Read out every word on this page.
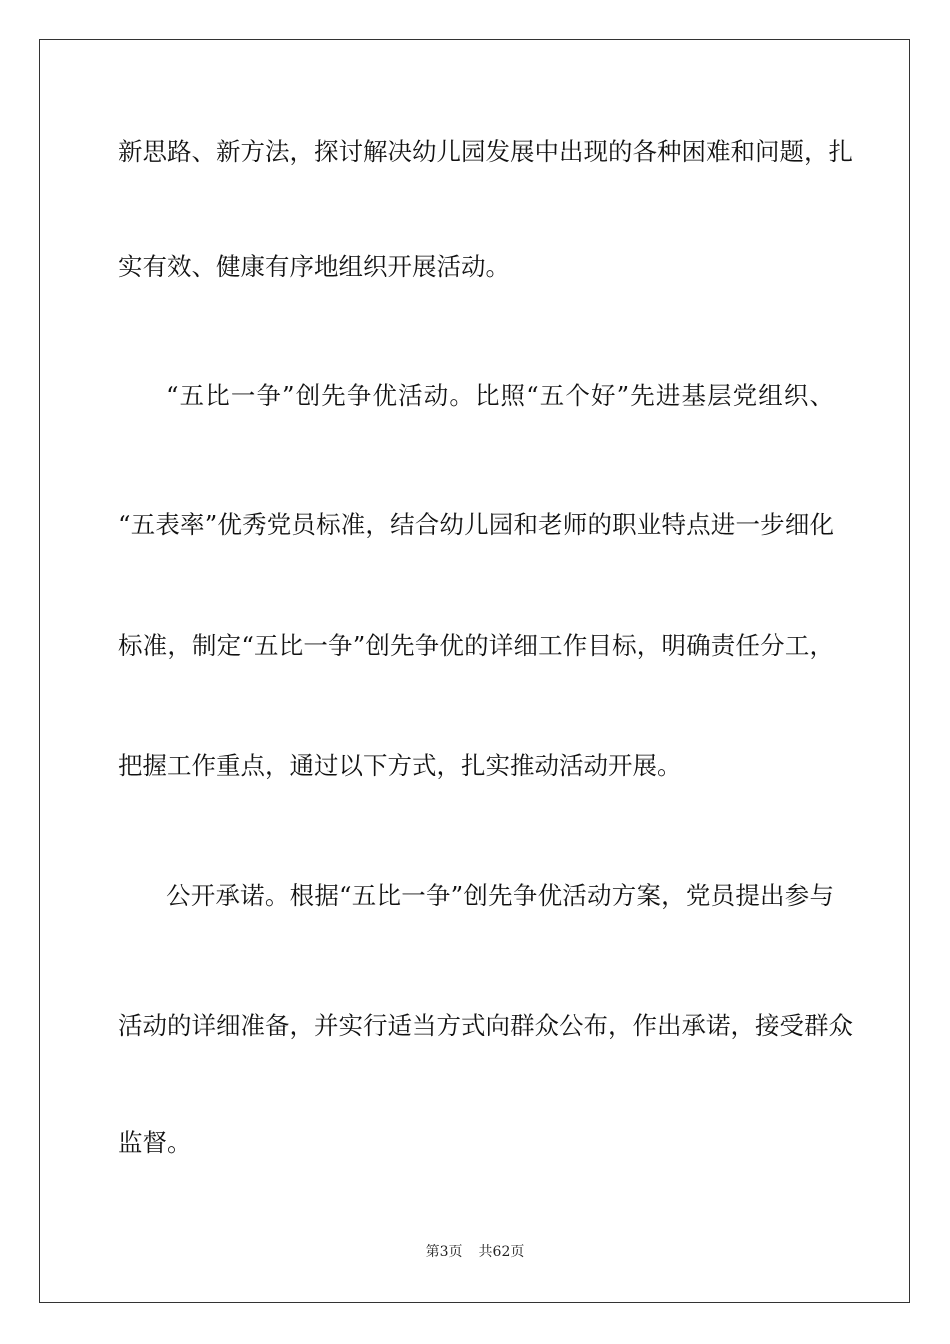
新思路、新方法，探讨解决幼儿园发展中出现的各种困难和问题，扎
实有效、健康有序地组织开展活动。
“五比一争”创先争优活动。比照“五个好”先进基层党组织、
“五表率”优秀党员标准，结合幼儿园和老师的职业特点进一步细化
标准，制定“五比一争”创先争优的详细工作目标，明确责任分工，
把握工作重点，通过以下方式，扎实推动活动开展。
公开承诺。根据“五比一争”创先争优活动方案，党员提出参与
活动的详细准备，并实行适当方式向群众公布，作出承诺，接受群众
监督。
第3页 共62页
